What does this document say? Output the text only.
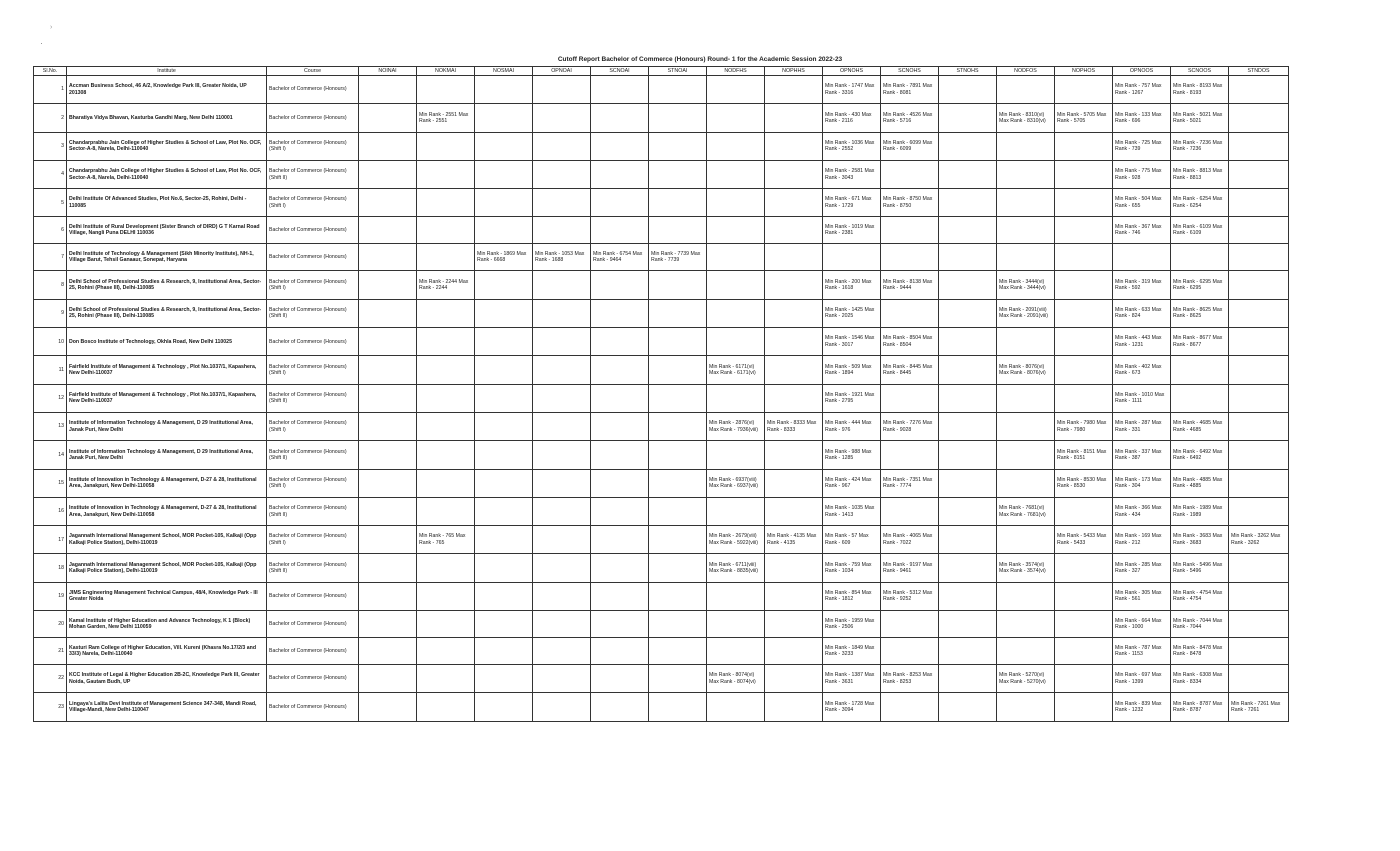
·
›
Cutoff Report Bachelor of Commerce (Honours) Round- 1 for the Academic Session 2022-23
Sl.No.	Institute	Course	NOINAI	NOKMAI	NOSMAI	OPNOAI	SCNOAI	STNOAI	NODFHS	NOPHHS	OPNOHS	SCNOHS	STNOHS	NODFOS	NOPHOS	OPNOOS	SCNOOS	STNDOS
1	Accman Business School, 46 A/2, Knowledge Park III, Greater Noida, UP 201308	Bachelor of Commerce (Honours)									Min Rank - 1747 Max Rank - 3316	Min Rank - 7891 Max Rank - 8081				Min Rank - 757 Max Rank - 1267	Min Rank - 8193 Max Rank - 8193	
2	Bharatiya Vidya Bhavan, Kasturba Gandhi Marg, New Delhi 110001	Bachelor of Commerce (Honours)		Min Rank - 2551 Max Rank - 2551							Min Rank - 430 Max Rank - 2116	Min Rank - 4526 Max Rank - 5716		Min Rank - 8310(vi) Max Rank - 8310(vi)	Min Rank - 5705 Max Rank - 5705	Min Rank - 133 Max Rank - 696	Min Rank - 5021 Max Rank - 5021	
3	Chandarprabhu Jain College of Higher Studies & School of Law, Plot No. OCF, Sector-A-8, Narela, Delhi-110040	Bachelor of Commerce (Honours) (Shift I)									Min Rank - 1036 Max Rank - 2552	Min Rank - 6099 Max Rank - 6099				Min Rank - 725 Max Rank - 739	Min Rank - 7236 Max Rank - 7236	
4	Chandarprabhu Jain College of Higher Studies & School of Law, Plot No. OCF, Sector-A-8, Narela, Delhi-110040	Bachelor of Commerce (Honours) (Shift II)									Min Rank - 2581 Max Rank - 3043					Min Rank - 775 Max Rank - 928	Min Rank - 8813 Max Rank - 8813	
5	Delhi Institute Of Advanced Studies, Plot No.6, Sector-25, Rohini, Delhi - 110085	Bachelor of Commerce (Honours) (Shift I)									Min Rank - 671 Max Rank - 1729	Min Rank - 8750 Max Rank - 8750				Min Rank - 504 Max Rank - 655	Min Rank - 6254 Max Rank - 6254	
6	Delhi Institute of Rural Development (Sister Branch of DIRD) G T Karnal Road Village, Nangli Puna DELHI 110036	Bachelor of Commerce (Honours)									Min Rank - 1019 Max Rank - 2381					Min Rank - 367 Max Rank - 746	Min Rank - 6109 Max Rank - 6109	
7	Delhi Institute of Technology & Management (Sikh Minority Institute), NH-1, Village Barut, Tehsil Ganaaur, Sonepat, Haryana	Bachelor of Commerce (Honours)			Min Rank - 1869 Max Rank - 6668	Min Rank - 1053 Max Rank - 1688	Min Rank - 6754 Max Rank - 9464	Min Rank - 7739 Max Rank - 7739										
8	Delhi School of Professional Studies & Research, 9, Institutional Area, Sector-25, Rohini (Phase III), Delhi-110085	Bachelor of Commerce (Honours) (Shift I)		Min Rank - 2244 Max Rank - 2244							Min Rank - 200 Max Rank - 1618	Min Rank - 8138 Max Rank - 9444		Min Rank - 3444(vi) Max Rank - 3444(vi)		Min Rank - 319 Max Rank - 592	Min Rank - 6295 Max Rank - 6295	
9	Delhi School of Professional Studies & Research, 9, Institutional Area, Sector-25, Rohini (Phase III), Delhi-110085	Bachelor of Commerce (Honours) (Shift II)									Min Rank - 1425 Max Rank - 2025			Min Rank - 2091(viii) Max Rank - 2091(viii)		Min Rank - 633 Max Rank - 824	Min Rank - 8625 Max Rank - 8625	
10	Don Bosco Institute of Technology, Okhla Road, New Delhi 110025	Bachelor of Commerce (Honours)									Min Rank - 1546 Max Rank - 3017	Min Rank - 8504 Max Rank - 8504				Min Rank - 443 Max Rank - 1231	Min Rank - 8677 Max Rank - 8677	
11	Fairfield Institute of Management & Technology , Plot No.1037/1, Kapashera, New Delhi-110037	Bachelor of Commerce (Honours) (Shift I)							Min Rank - 6171(vi) Max Rank - 6171(vi)		Min Rank - 509 Max Rank - 1894	Min Rank - 8445 Max Rank - 8445		Min Rank - 8076(vi) Max Rank - 8076(vi)		Min Rank - 402 Max Rank - 673		
12	Fairfield Institute of Management & Technology , Plot No.1037/1, Kapashera, New Delhi-110037	Bachelor of Commerce (Honours) (Shift II)									Min Rank - 1921 Max Rank - 2795					Min Rank - 1010 Max Rank - 1111		
13	Institute of Information Technology & Management, D 29 Institutional Area, Janak Puri, New Delhi	Bachelor of Commerce (Honours) (Shift I)							Min Rank - 2876(vi) Max Rank - 7936(viii)	Min Rank - 8333 Max Rank - 8333	Min Rank - 444 Max Rank - 976	Min Rank - 7276 Max Rank - 9028			Min Rank - 7980 Max Rank - 7980	Min Rank - 287 Max Rank - 331	Min Rank - 4685 Max Rank - 4685	
14	Institute of Information Technology & Management, D 29 Institutional Area, Janak Puri, New Delhi	Bachelor of Commerce (Honours) (Shift II)									Min Rank - 988 Max Rank - 1285				Min Rank - 8151 Max Rank - 8151	Min Rank - 337 Max Rank - 387	Min Rank - 6492 Max Rank - 6492	
15	Institute of Innovation in Technology & Management, D-27 & 28, Institutional Area, Janakpuri, New Delhi-110058	Bachelor of Commerce (Honours) (Shift I)							Min Rank - 6937(viii) Max Rank - 6937(viii)		Min Rank - 424 Max Rank - 967	Min Rank - 7351 Max Rank - 7774			Min Rank - 8530 Max Rank - 8530	Min Rank - 173 Max Rank - 304	Min Rank - 4885 Max Rank - 4885	
16	Institute of Innovation in Technology & Management, D-27 & 28, Institutional Area, Janakpuri, New Delhi-110058	Bachelor of Commerce (Honours) (Shift II)									Min Rank - 1035 Max Rank - 1413			Min Rank - 7681(vi) Max Rank - 7681(vi)		Min Rank - 366 Max Rank - 434	Min Rank - 1989 Max Rank - 1989	
17	Jagannath International Management School, MOR Pocket-105, Kalkaji (Opp Kalkaji Police Station), Delhi-110019	Bachelor of Commerce (Honours) (Shift I)		Min Rank - 765 Max Rank - 765					Min Rank - 2679(viii) Max Rank - 5922(viii)	Min Rank - 4135 Max Rank - 4135	Min Rank - 57 Max Rank - 609	Min Rank - 4065 Max Rank - 7022			Min Rank - 5433 Max Rank - 5433	Min Rank - 169 Max Rank - 212	Min Rank - 3683 Max Rank - 3683	Min Rank - 3262 Max Rank - 3262
18	Jagannath International Management School, MOR Pocket-105, Kalkaji (Opp Kalkaji Police Station), Delhi-110019	Bachelor of Commerce (Honours) (Shift II)							Min Rank - 6711(viii) Max Rank - 8835(viii)		Min Rank - 759 Max Rank - 1034	Min Rank - 9197 Max Rank - 9461		Min Rank - 3574(vi) Max Rank - 3574(vi)		Min Rank - 285 Max Rank - 327	Min Rank - 5496 Max Rank - 5496	
19	JIMS Engineering Management Technical Campus, 48/4, Knowledge Park - III Greater Noida	Bachelor of Commerce (Honours)									Min Rank - 854 Max Rank - 1812	Min Rank - 5312 Max Rank - 9252				Min Rank - 305 Max Rank - 561	Min Rank - 4754 Max Rank - 4754	
20	Kamal Institute of Higher Education and Advance Technology, K 1 (Block) Mohan Garden, New Delhi 110059	Bachelor of Commerce (Honours)									Min Rank - 1959 Max Rank - 2506					Min Rank - 664 Max Rank - 1000	Min Rank - 7044 Max Rank - 7044	
21	Kasturi Ram College of Higher Education, Vill. Kureni (Khasra No.17/2/3 and 33/3) Narela, Delhi-110040	Bachelor of Commerce (Honours)									Min Rank - 1849 Max Rank - 3233					Min Rank - 787 Max Rank - 1153	Min Rank - 8478 Max Rank - 8478	
22	KCC Institute of Legal & Higher Education 2B-2C, Knowledge Park III, Greater Noida, Gautam Budh, UP	Bachelor of Commerce (Honours)							Min Rank - 8074(vi) Max Rank - 8074(vi)		Min Rank - 1387 Max Rank - 3631	Min Rank - 8253 Max Rank - 8253		Min Rank - 5270(vi) Max Rank - 5270(vi)		Min Rank - 697 Max Rank - 1399	Min Rank - 6308 Max Rank - 8334	
23	Lingaya's Lalita Devi Institute of Management Science 347-348, Mandi Road, Village-Mandi, New Delhi-110047	Bachelor of Commerce (Honours)									Min Rank - 1728 Max Rank - 3094					Min Rank - 839 Max Rank - 1232	Min Rank - 8787 Max Rank - 8787	Min Rank - 7261 Max Rank - 7261
